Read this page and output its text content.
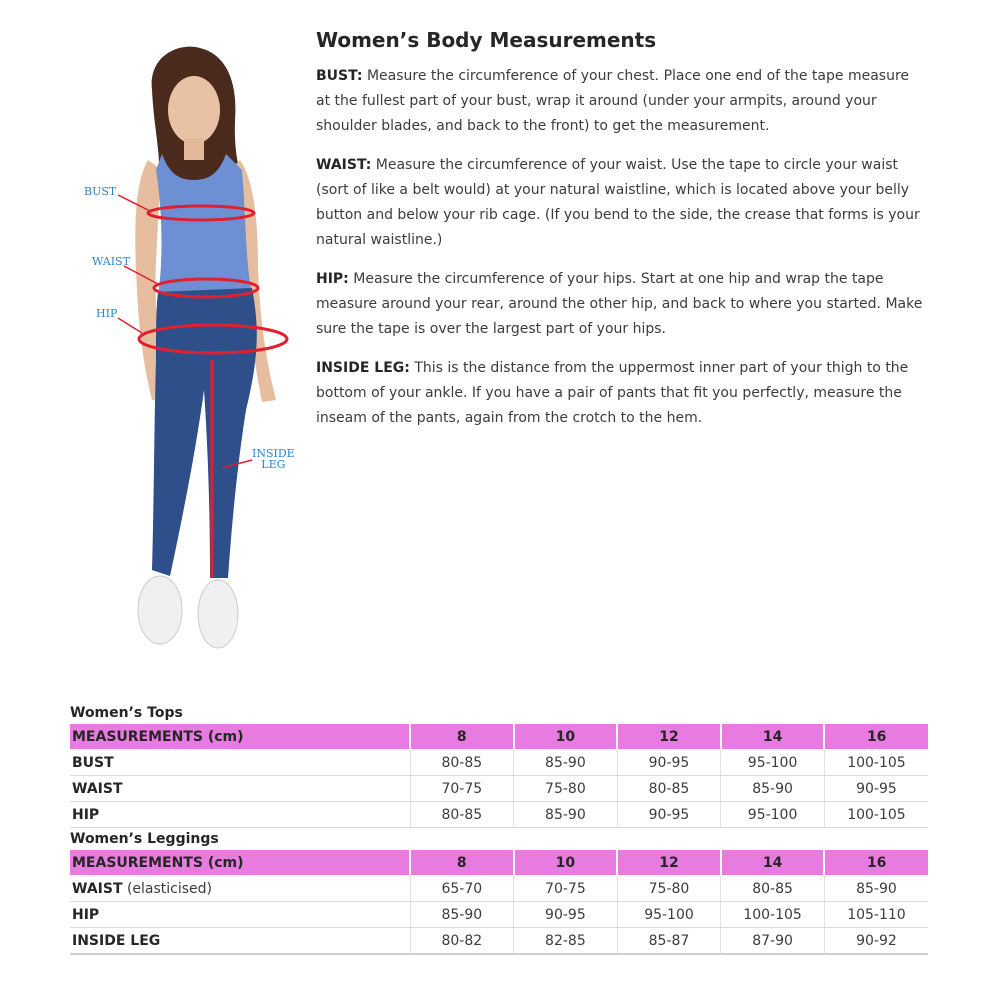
BUST
WAIST
HIP
INSIDE
LEG
Women’s Body Measurements

BUST: Measure the circumference of your chest. Place one end of the tape measure at the fullest part of your bust, wrap it around (under your armpits, around your shoulder blades, and back to the front) to get the measurement.

WAIST: Measure the circumference of your waist. Use the tape to circle your waist (sort of like a belt would) at your natural waistline, which is located above your belly button and below your rib cage. (If you bend to the side, the crease that forms is your natural waistline.)

HIP: Measure the circumference of your hips. Start at one hip and wrap the tape measure around your rear, around the other hip, and back to where you started. Make sure the tape is over the largest part of your hips.

INSIDE LEG: This is the distance from the uppermost inner part of your thigh to the bottom of your ankle. If you have a pair of pants that fit you perfectly, measure the inseam of the pants, again from the crotch to the hem.

Women’s Tops
MEASUREMENTS (cm)	8	10	12	14	16
BUST	80-85	85-90	90-95	95-100	100-105
WAIST	70-75	75-80	80-85	85-90	90-95
HIP	80-85	85-90	90-95	95-100	100-105
Women’s Leggings
MEASUREMENTS (cm)	8	10	12	14	16
WAIST (elasticised)	65-70	70-75	75-80	80-85	85-90
HIP	85-90	90-95	95-100	100-105	105-110
INSIDE LEG	80-82	82-85	85-87	87-90	90-92
